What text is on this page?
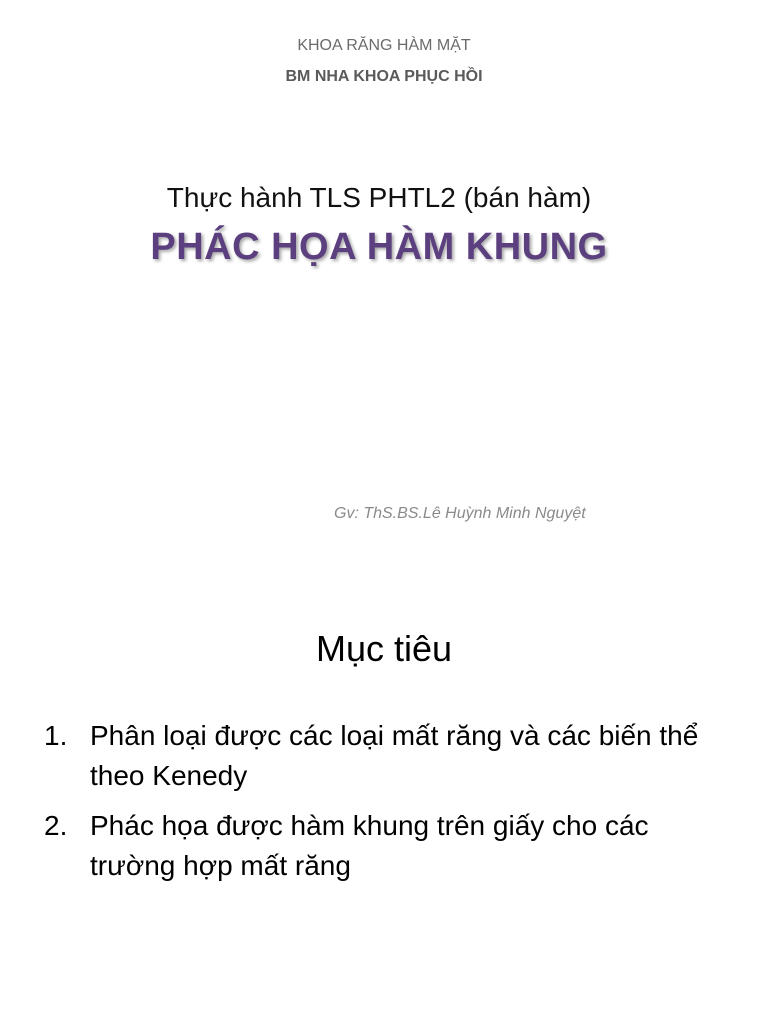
KHOA RĂNG HÀM MẶT
BM NHA KHOA PHỤC HỒI
Thực hành TLS PHTL2 (bán hàm)
PHÁC HỌA HÀM KHUNG
Gv: ThS.BS.Lê Huỳnh Minh Nguyệt
Mục tiêu
1. Phân loại được các loại mất răng và các biến thể theo Kenedy
2. Phác họa được hàm khung trên giấy cho các trường hợp mất răng
